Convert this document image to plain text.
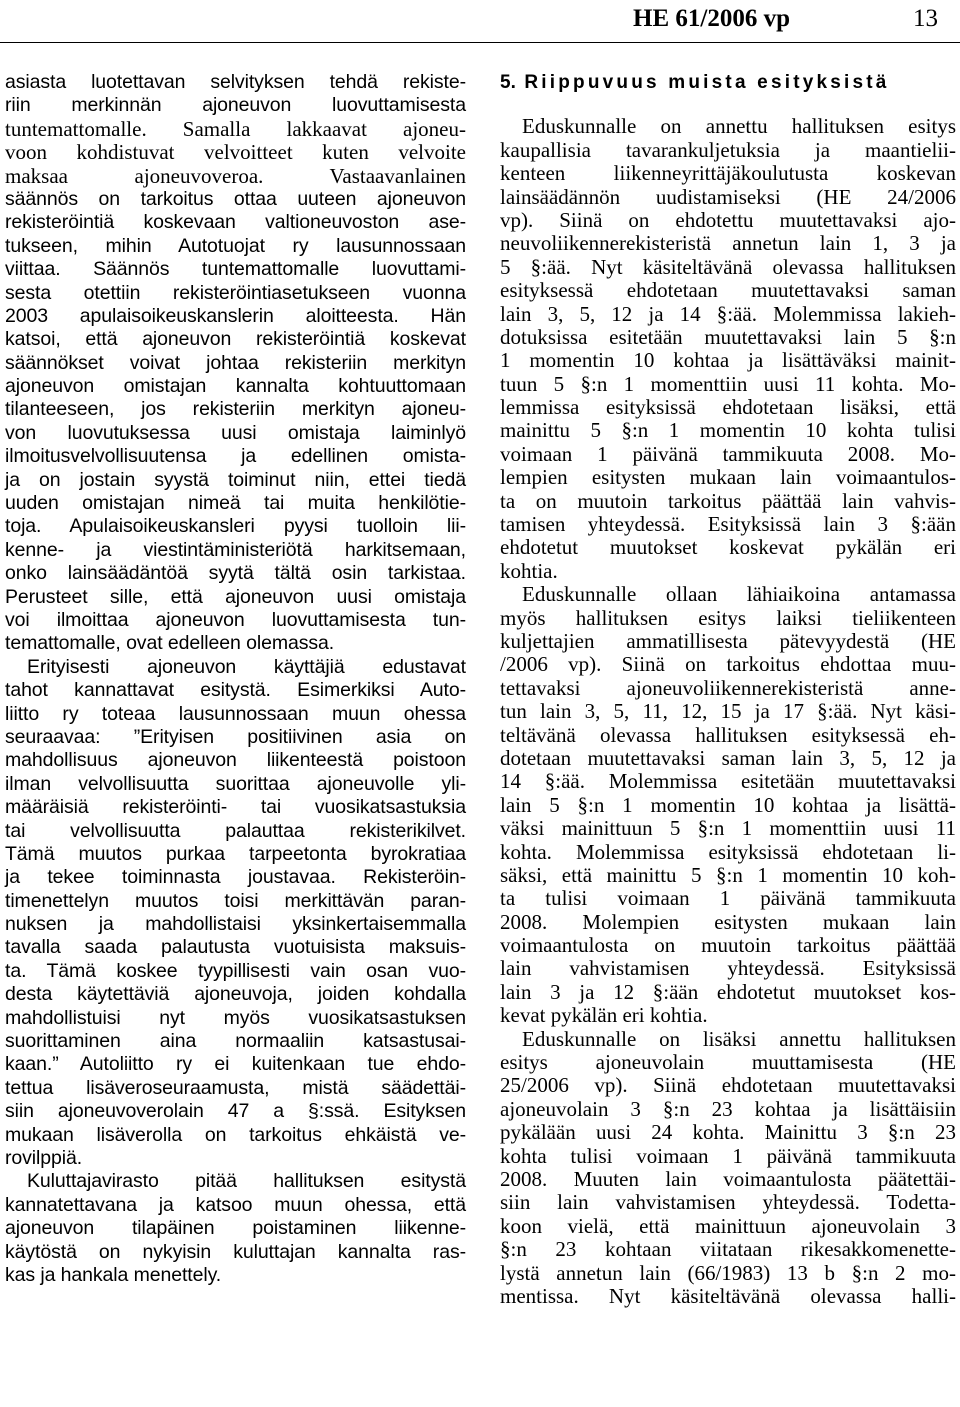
HE 61/2006 vp	13
asiasta luotettavan selvityksen tehdä rekiste-
riin merkinnän ajoneuvon luovuttamisesta
tuntemattomalle. Samalla lakkaavat ajoneu-
voon kohdistuvat velvoitteet kuten velvoite
maksaa ajoneuvoveroa. Vastaavanlainen
säännös on tarkoitus ottaa uuteen ajoneuvon
rekisteröintiä koskevaan valtioneuvoston ase-
tukseen, mihin Autotuojat ry lausunnossaan
viittaa. Säännös tuntemattomalle luovuttami-
sesta otettiin rekisteröintiasetukseen vuonna
2003 apulaisoikeuskanslerin aloitteesta. Hän
katsoi, että ajoneuvon rekisteröintiä koskevat
säännökset voivat johtaa rekisteriin merkityn
ajoneuvon omistajan kannalta kohtuuttomaan
tilanteeseen, jos rekisteriin merkityn ajoneu-
von luovutuksessa uusi omistaja laiminlyö
ilmoitusvelvollisuutensa ja edellinen omista-
ja on jostain syystä toiminut niin, ettei tiedä
uuden omistajan nimeä tai muita henkilötie-
toja. Apulaisoikeuskansleri pyysi tuolloin lii-
kenne- ja viestintäministeriötä harkitsemaan,
onko lainsäädäntöä syytä tältä osin tarkistaa.
Perusteet sille, että ajoneuvon uusi omistaja
voi ilmoittaa ajoneuvon luovuttamisesta tun-
temattomalle, ovat edelleen olemassa.
Erityisesti ajoneuvon käyttäjiä edustavat
tahot kannattavat esitystä. Esimerkiksi Auto-
liitto ry toteaa lausunnossaan muun ohessa
seuraavaa: ”Erityisen positiivinen asia on
mahdollisuus ajoneuvon liikenteestä poistoon
ilman velvollisuutta suorittaa ajoneuvolle yli-
määräisiä rekisteröinti- tai vuosikatsastuksia
tai velvollisuutta palauttaa rekisterikilvet.
Tämä muutos purkaa tarpeetonta byrokratiaa
ja tekee toiminnasta joustavaa. Rekisteröin-
timenettelyn muutos toisi merkittävän paran-
nuksen ja mahdollistaisi yksinkertaisemmalla
tavalla saada palautusta vuotuisista maksuis-
ta. Tämä koskee tyypillisesti vain osan vuo-
desta käytettäviä ajoneuvoja, joiden kohdalla
mahdollistuisi nyt myös vuosikatsastuksen
suorittaminen aina normaaliin katsastusai-
kaan.” Autoliitto ry ei kuitenkaan tue ehdo-
tettua lisäveroseuraamusta, mistä säädettäi-
siin ajoneuvoverolain 47 a §:ssä. Esityksen
mukaan lisäverolla on tarkoitus ehkäistä ve-
rovilppiä.
Kuluttajavirasto pitää hallituksen esitystä
kannatettavana ja katsoo muun ohessa, että
ajoneuvon tilapäinen poistaminen liikenne-
käytöstä on nykyisin kuluttajan kannalta ras-
kas ja hankala menettely.
5. Riippuvuus muista esityksistä
Eduskunnalle on annettu hallituksen esitys
kaupallisia tavarankuljetuksia ja maantielii-
kenteen liikenneyrittäjäkoulutusta koskevan
lainsäädännön uudistamiseksi (HE 24/2006
vp). Siinä on ehdotettu muutettavaksi ajo-
neuvoliikennerekisteristä annetun lain 1, 3 ja
5 §:ää. Nyt käsiteltävänä olevassa hallituksen
esityksessä ehdotetaan muutettavaksi saman
lain 3, 5, 12 ja 14 §:ää. Molemmissa lakieh-
dotuksissa esitetään muutettavaksi lain 5 §:n
1 momentin 10 kohtaa ja lisättäväksi mainit-
tuun 5 §:n 1 momenttiin uusi 11 kohta. Mo-
lemmissa esityksissä ehdotetaan lisäksi, että
mainittu 5 §:n 1 momentin 10 kohta tulisi
voimaan 1 päivänä tammikuuta 2008. Mo-
lempien esitysten mukaan lain voimaantulos-
ta on muutoin tarkoitus päättää lain vahvis-
tamisen yhteydessä. Esityksissä lain 3 §:ään
ehdotetut muutokset koskevat pykälän eri
kohtia.
Eduskunnalle ollaan lähiaikoina antamassa
myös hallituksen esitys laiksi tieliikenteen
kuljettajien ammatillisesta pätevyydestä (HE
/2006 vp). Siinä on tarkoitus ehdottaa muu-
tettavaksi ajoneuvoliikennerekisteristä anne-
tun lain 3, 5, 11, 12, 15 ja 17 §:ää. Nyt käsi-
teltävänä olevassa hallituksen esityksessä eh-
dotetaan muutettavaksi saman lain 3, 5, 12 ja
14 §:ää. Molemmissa esitetään muutettavaksi
lain 5 §:n 1 momentin 10 kohtaa ja lisättä-
väksi mainittuun 5 §:n 1 momenttiin uusi 11
kohta. Molemmissa esityksissä ehdotetaan li-
säksi, että mainittu 5 §:n 1 momentin 10 koh-
ta tulisi voimaan 1 päivänä tammikuuta
2008. Molempien esitysten mukaan lain
voimaantulosta on muutoin tarkoitus päättää
lain vahvistamisen yhteydessä. Esityksissä
lain 3 ja 12 §:ään ehdotetut muutokset kos-
kevat pykälän eri kohtia.
Eduskunnalle on lisäksi annettu hallituksen
esitys ajoneuvolain muuttamisesta (HE
25/2006 vp). Siinä ehdotetaan muutettavaksi
ajoneuvolain 3 §:n 23 kohtaa ja lisättäisiin
pykälään uusi 24 kohta. Mainittu 3 §:n 23
kohta tulisi voimaan 1 päivänä tammikuuta
2008. Muuten lain voimaantulosta päätettäi-
siin lain vahvistamisen yhteydessä. Todetta-
koon vielä, että mainittuun ajoneuvolain 3
§:n 23 kohtaan viitataan rikesakkomenette-
lystä annetun lain (66/1983) 13 b §:n 2 mo-
mentissa. Nyt käsiteltävänä olevassa halli-
